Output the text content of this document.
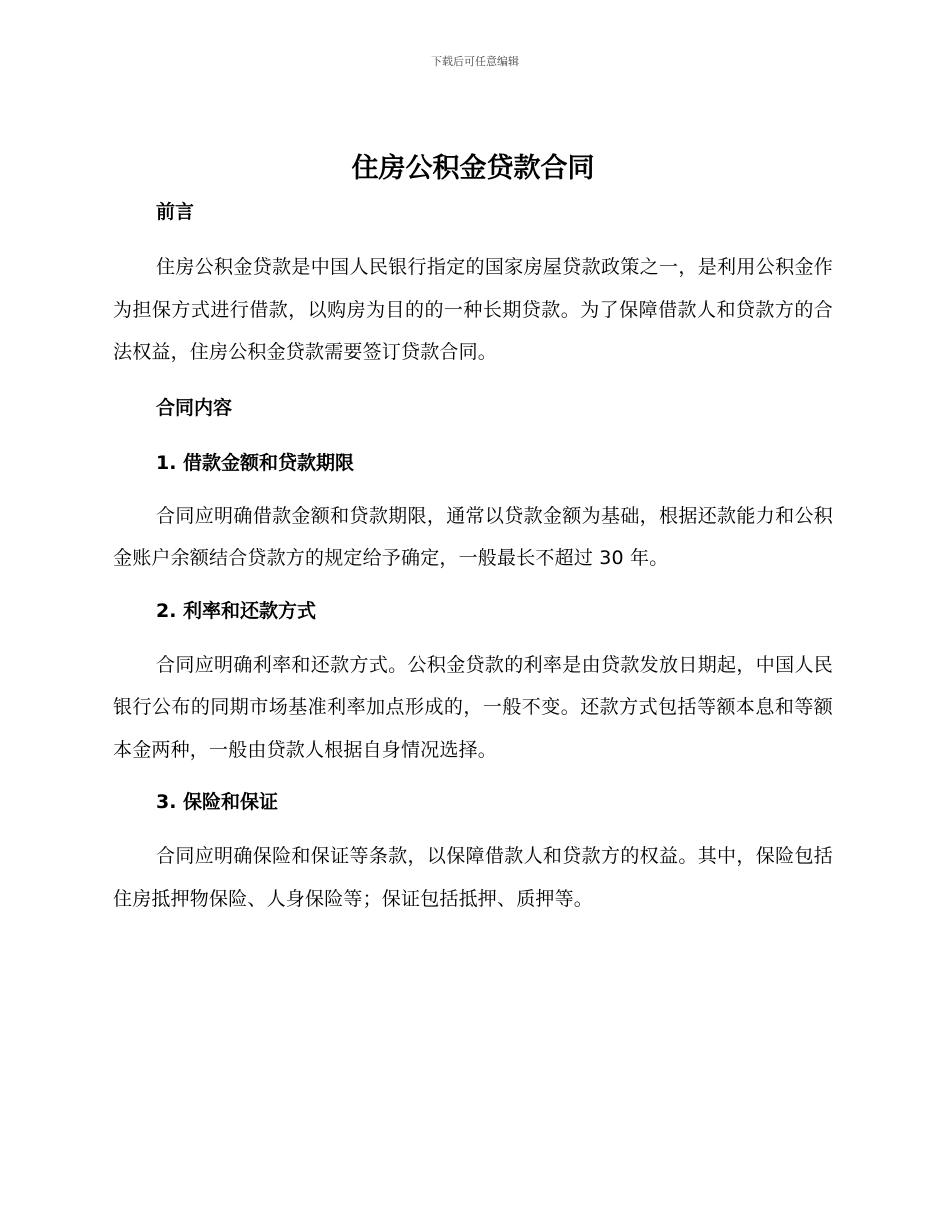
下载后可任意编辑
住房公积金贷款合同
前言

住房公积金贷款是中国人民银行指定的国家房屋贷款政策之一，是利用公积金作为担保方式进行借款，以购房为目的的一种长期贷款。为了保障借款人和贷款方的合法权益，住房公积金贷款需要签订贷款合同。

合同内容
1. 借款金额和贷款期限

合同应明确借款金额和贷款期限，通常以贷款金额为基础，根据还款能力和公积金账户余额结合贷款方的规定给予确定，一般最长不超过 30 年。

2. 利率和还款方式

合同应明确利率和还款方式。公积金贷款的利率是由贷款发放日期起，中国人民银行公布的同期市场基准利率加点形成的，一般不变。还款方式包括等额本息和等额本金两种，一般由贷款人根据自身情况选择。

3. 保险和保证

合同应明确保险和保证等条款，以保障借款人和贷款方的权益。其中，保险包括住房抵押物保险、人身保险等；保证包括抵押、质押等。
